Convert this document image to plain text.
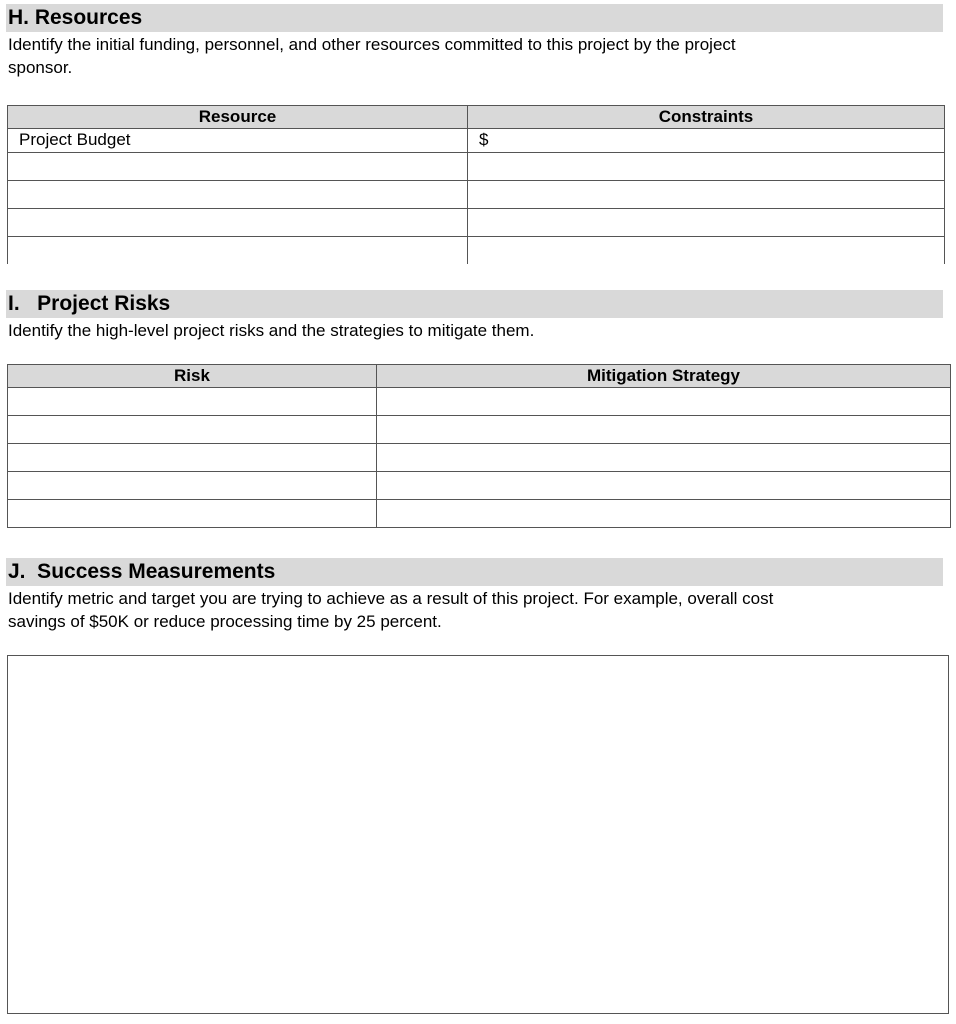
H. Resources
Identify the initial funding, personnel, and other resources committed to this project by the project
sponsor.
Resource	Constraints
Project Budget	$

I.   Project Risks
Identify the high-level project risks and the strategies to mitigate them.
Risk	Mitigation Strategy

J.  Success Measurements
Identify metric and target you are trying to achieve as a result of this project. For example, overall cost
savings of $50K or reduce processing time by 25 percent.
